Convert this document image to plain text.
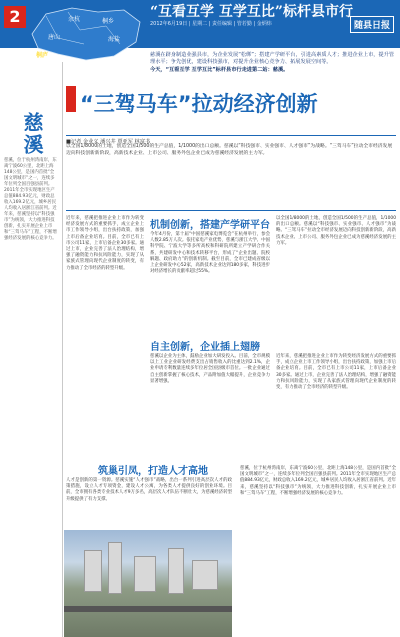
2	余杭	桐乡
唐山	海盐
桐庐
“互看互学 互学互比”标杆县市行
2012年6月19日 | 星期二 | 责任编辑 | 管若勤 | 金炳炜	随县日报

慈溪在跻身制造业强县市，为企业发展“松绑”；搭建产学研平台，引进高素质人才；推进企业上市，提升管理水平；争先创优，建设科技强市，对提升企业核心竞争力、拓展发展空间等。

今天，“互看互学 互学互比”标杆县市行走进第二站：慈溪。

慈溪
慈溪，位于杭州湾南岸，东离宁波60公里，北距上海148公里，是国内首批“全国文明城市”之一，连续多年位列全国百强县前列。2011年全市实现地区生产总值884.93亿元，财政总收入169.2亿元，城乡居民人均收入居浙江省前列。近年来，慈溪坚持以“科技强市”为统领，大力推进科技创新，扎实开展企业上市和“三驾马车”工程，不断增强经济发展的核心竞争力。
“三驾马车”拉动经济创新
■记者 金业义 潘兴井 覃亚军 林富书
以全国1/8000的土地，创造全国1/500的生产总值，1/1000的出口总额。慈溪以“科技强市、实业强市、人才强市”为战略。“三驾马车”拉动全市经济发展迈向科技创新新阶段，高新技术企业、上市公司、服务外包企业已成为慈溪经济发展的主力军。
近年来，慈溪把推进企业上市作为转变经济发展方式的重要抓手，成立企业上市工作领导小组，出台扶持政策，加强上市后备企业培育。目前，全市已有上市公司11家，上市后备企业30多家。通过上市，企业完善了法人治理结构，增强了融资能力和抗风险能力，实现了从家族式管理向现代企业制度的转变，有力推动了全市经济的转型升级。
机制创新，搭建产学研平台
今年4月份，第十届“中国慈溪家电博览会”在杭州举行，参会人数2.85万人次。依托家电产业优势，慈溪与浙江大学、中国科学院、宁波大学等多所高校和科研院所建立产学研合作关系，共建研发中心和技术转移平台，形成了“企业出题、院校解题、政府助力”的创新机制。截至目前，全市已建成省级以上企业研发中心52家，高新技术企业达到180多家，科技进步对经济增长的贡献率超过55%。
以全国1/8000的土地，创造全国1/500的生产总值，1/1000的出口总额。慈溪以“科技强市、实业强市、人才强市”为战略。“三驾马车”拉动全市经济发展迈向科技创新新阶段，高新技术企业、上市公司、服务外包企业已成为慈溪经济发展的主力军。
自主创新，企业插上翅膀
慈溪以企业为主体，鼓励企业加大研发投入。目前，全市规模以上工业企业研发经费支出占销售收入的比重达到2.1%，企业申请专利数量连续多年位居全国县级市首位。一批企业通过自主创新掌握了核心技术，产品附加值大幅提升，企业竞争力显著增强。
近年来，慈溪把推进企业上市作为转变经济发展方式的重要抓手，成立企业上市工作领导小组，出台扶持政策，加强上市后备企业培育。目前，全市已有上市公司11家，上市后备企业30多家。通过上市，企业完善了法人治理结构，增强了融资能力和抗风险能力，实现了从家族式管理向现代企业制度的转变，有力推动了全市经济的转型升级。
筑巢引凤，打造人才高地
人才是创新的第一资源。慈溪实施“人才强市”战略，出台一系列引进高层次人才的政策措施，设立人才专项资金，建设人才公寓，为各类人才提供良好的创业环境。目前，全市拥有各类专业技术人才9万多名，高层次人才队伍不断壮大，为慈溪经济转型升级提供了有力支撑。
慈溪，位于杭州湾南岸，东离宁波60公里，北距上海148公里，是国内首批“全国文明城市”之一，连续多年位列全国百强县前列。2011年全市实现地区生产总值884.93亿元，财政总收入169.2亿元，城乡居民人均收入居浙江省前列。近年来，慈溪坚持以“科技强市”为统领，大力推进科技创新，扎实开展企业上市和“三驾马车”工程，不断增强经济发展的核心竞争力。
